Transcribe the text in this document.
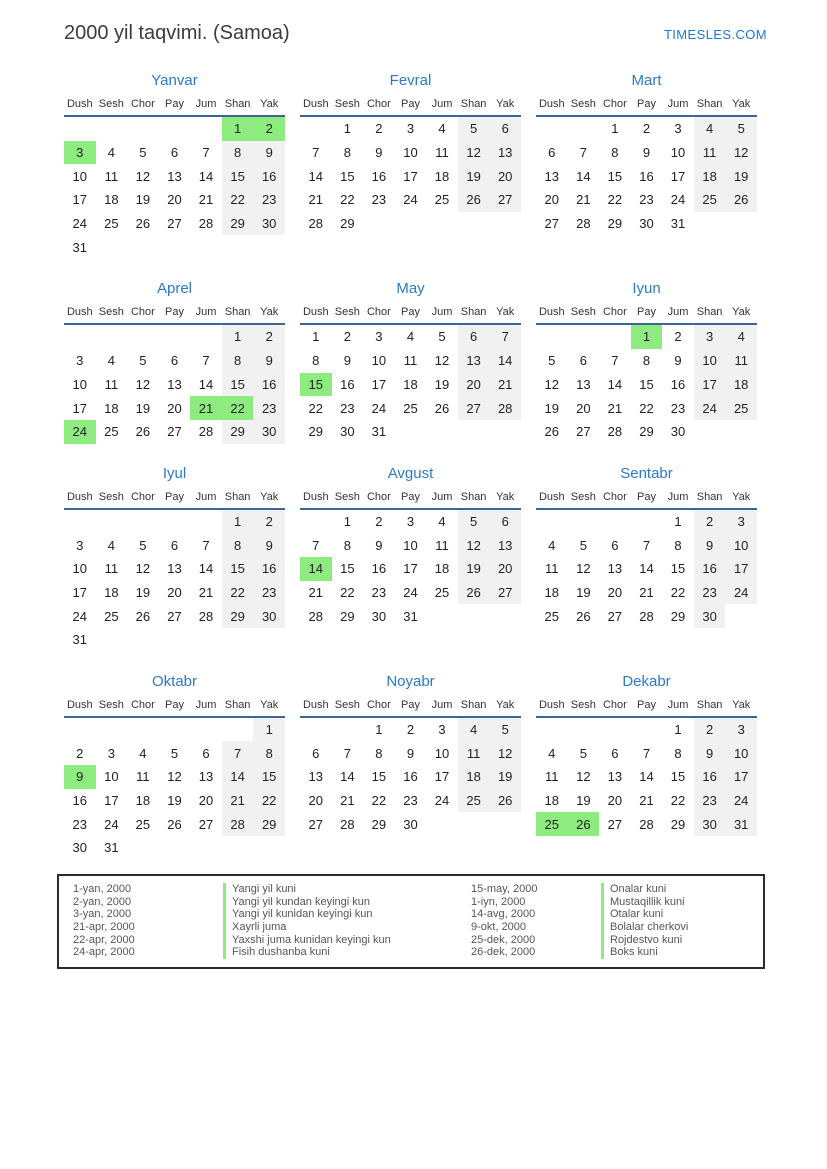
2000 yil taqvimi. (Samoa)	TIMESLES.COM
Yanvar
Dush	Sesh	Chor	Pay	Jum	Shan	Yak
					1	2
3	4	5	6	7	8	9
10	11	12	13	14	15	16
17	18	19	20	21	22	23
24	25	26	27	28	29	30
31						
Fevral
Dush	Sesh	Chor	Pay	Jum	Shan	Yak
	1	2	3	4	5	6
7	8	9	10	11	12	13
14	15	16	17	18	19	20
21	22	23	24	25	26	27
28	29					
Mart
Dush	Sesh	Chor	Pay	Jum	Shan	Yak
		1	2	3	4	5
6	7	8	9	10	11	12
13	14	15	16	17	18	19
20	21	22	23	24	25	26
27	28	29	30	31		
Aprel
Dush	Sesh	Chor	Pay	Jum	Shan	Yak
					1	2
3	4	5	6	7	8	9
10	11	12	13	14	15	16
17	18	19	20	21	22	23
24	25	26	27	28	29	30
May
Dush	Sesh	Chor	Pay	Jum	Shan	Yak
1	2	3	4	5	6	7
8	9	10	11	12	13	14
15	16	17	18	19	20	21
22	23	24	25	26	27	28
29	30	31				
Iyun
Dush	Sesh	Chor	Pay	Jum	Shan	Yak
			1	2	3	4
5	6	7	8	9	10	11
12	13	14	15	16	17	18
19	20	21	22	23	24	25
26	27	28	29	30		
Iyul
Dush	Sesh	Chor	Pay	Jum	Shan	Yak
					1	2
3	4	5	6	7	8	9
10	11	12	13	14	15	16
17	18	19	20	21	22	23
24	25	26	27	28	29	30
31						
Avgust
Dush	Sesh	Chor	Pay	Jum	Shan	Yak
	1	2	3	4	5	6
7	8	9	10	11	12	13
14	15	16	17	18	19	20
21	22	23	24	25	26	27
28	29	30	31			
Sentabr
Dush	Sesh	Chor	Pay	Jum	Shan	Yak
				1	2	3
4	5	6	7	8	9	10
11	12	13	14	15	16	17
18	19	20	21	22	23	24
25	26	27	28	29	30	
Oktabr
Dush	Sesh	Chor	Pay	Jum	Shan	Yak
						1
2	3	4	5	6	7	8
9	10	11	12	13	14	15
16	17	18	19	20	21	22
23	24	25	26	27	28	29
30	31					
Noyabr
Dush	Sesh	Chor	Pay	Jum	Shan	Yak
		1	2	3	4	5
6	7	8	9	10	11	12
13	14	15	16	17	18	19
20	21	22	23	24	25	26
27	28	29	30			
Dekabr
Dush	Sesh	Chor	Pay	Jum	Shan	Yak
				1	2	3
4	5	6	7	8	9	10
11	12	13	14	15	16	17
18	19	20	21	22	23	24
25	26	27	28	29	30	31
1-yan, 2000	Yangi yil kuni	15-may, 2000	Onalar kuni
2-yan, 2000	Yangi yil kundan keyingi kun	1-iyn, 2000	Mustaqillik kuni
3-yan, 2000	Yangi yil kunidan keyingi kun	14-avg, 2000	Otalar kuni
21-apr, 2000	Xayrli juma	9-okt, 2000	Bolalar cherkovi
22-apr, 2000	Yaxshi juma kunidan keyingi kun	25-dek, 2000	Rojdestvo kuni
24-apr, 2000	Fisih dushanba kuni	26-dek, 2000	Boks kuni
